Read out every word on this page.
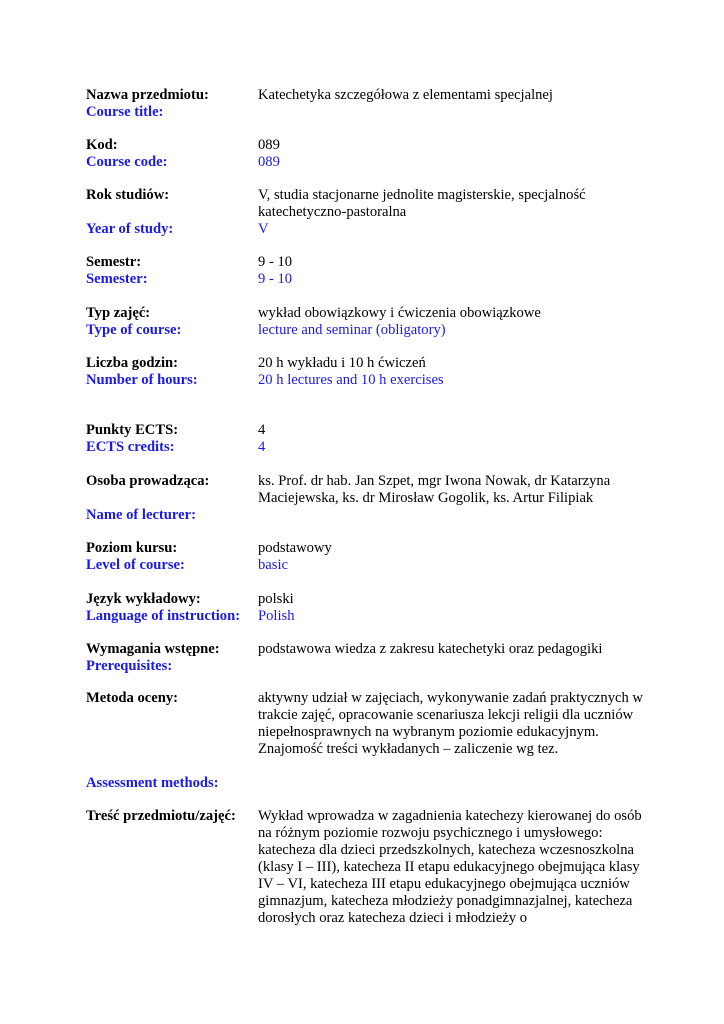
Nazwa przedmiotu:	Katechetyka szczegółowa z elementami specjalnej
Course title:
Kod:	089
Course code:	089
Rok studiów:	V, studia stacjonarne jednolite magisterskie, specjalność katechetyczno-pastoralna
Year of study:	V
Semestr:	9 - 10
Semester:	9 - 10
Typ zajęć:	wykład obowiązkowy i ćwiczenia obowiązkowe
Type of course:	lecture and seminar (obligatory)
Liczba godzin:	20 h wykładu i 10 h ćwiczeń
Number of hours:	20 h lectures and 10 h exercises
Punkty ECTS:	4
ECTS credits:	4
Osoba prowadząca:	ks. Prof. dr hab. Jan Szpet, mgr Iwona Nowak, dr Katarzyna Maciejewska, ks. dr Mirosław Gogolik, ks. Artur Filipiak
Name of lecturer:
Poziom kursu:	podstawowy
Level of course:	basic
Język wykładowy:	polski
Language of instruction:	Polish
Wymagania wstępne:	podstawowa wiedza z zakresu katechetyki oraz pedagogiki
Prerequisites:
Metoda oceny:	aktywny udział w zajęciach, wykonywanie zadań praktycznych w trakcie zajęć, opracowanie scenariusza lekcji religii dla uczniów niepełnosprawnych na wybranym poziomie edukacyjnym. Znajomość treści wykładanych – zaliczenie wg tez.
Assessment methods:
Treść przedmiotu/zajęć:	Wykład wprowadza w zagadnienia katechezy kierowanej do osób na różnym poziomie rozwoju psychicznego i umysłowego: katecheza dla dzieci przedszkolnych, katecheza wczesnoszkolna (klasy I – III), katecheza II etapu edukacyjnego obejmująca klasy IV – VI, katecheza III etapu edukacyjnego obejmująca uczniów gimnazjum, katecheza młodzieży ponadgimnazjalnej, katecheza dorosłych oraz katecheza dzieci i młodzieży o
